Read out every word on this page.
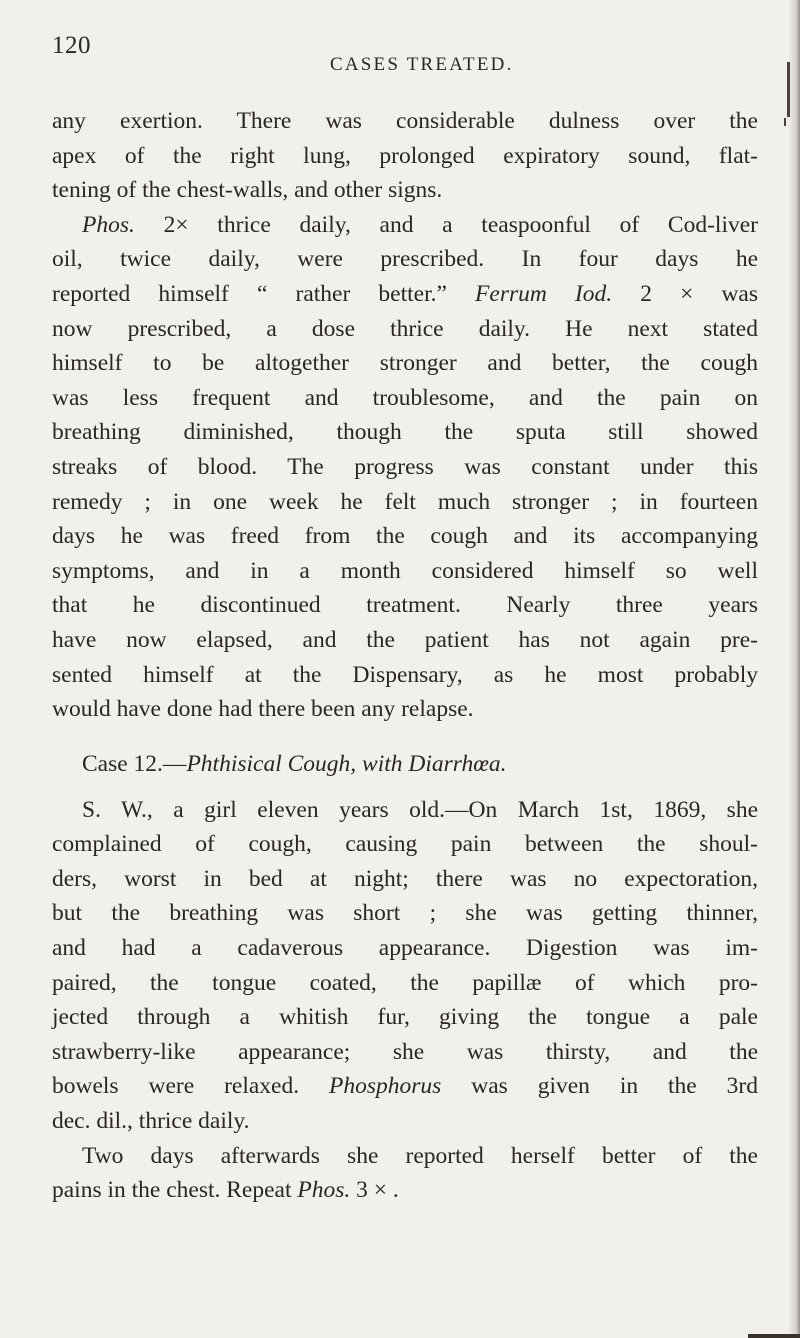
120
CASES TREATED.
any exertion. There was considerable dulness over the
apex of the right lung, prolonged expiratory sound, flat-
tening of the chest-walls, and other signs.
Phos. 2× thrice daily, and a teaspoonful of Cod-liver
oil, twice daily, were prescribed. In four days he
reported himself “ rather better.” Ferrum Iod. 2 × was
now prescribed, a dose thrice daily. He next stated
himself to be altogether stronger and better, the cough
was less frequent and troublesome, and the pain on
breathing diminished, though the sputa still showed
streaks of blood. The progress was constant under this
remedy ; in one week he felt much stronger ; in fourteen
days he was freed from the cough and its accompanying
symptoms, and in a month considered himself so well
that he discontinued treatment. Nearly three years
have now elapsed, and the patient has not again pre-
sented himself at the Dispensary, as he most probably
would have done had there been any relapse.
Case 12.—Phthisical Cough, with Diarrhœa.
S. W., a girl eleven years old.—On March 1st, 1869, she
complained of cough, causing pain between the shoul-
ders, worst in bed at night; there was no expectoration,
but the breathing was short ; she was getting thinner,
and had a cadaverous appearance. Digestion was im-
paired, the tongue coated, the papillæ of which pro-
jected through a whitish fur, giving the tongue a pale
strawberry-like appearance; she was thirsty, and the
bowels were relaxed. Phosphorus was given in the 3rd
dec. dil., thrice daily.
Two days afterwards she reported herself better of the
pains in the chest. Repeat Phos. 3 × .
